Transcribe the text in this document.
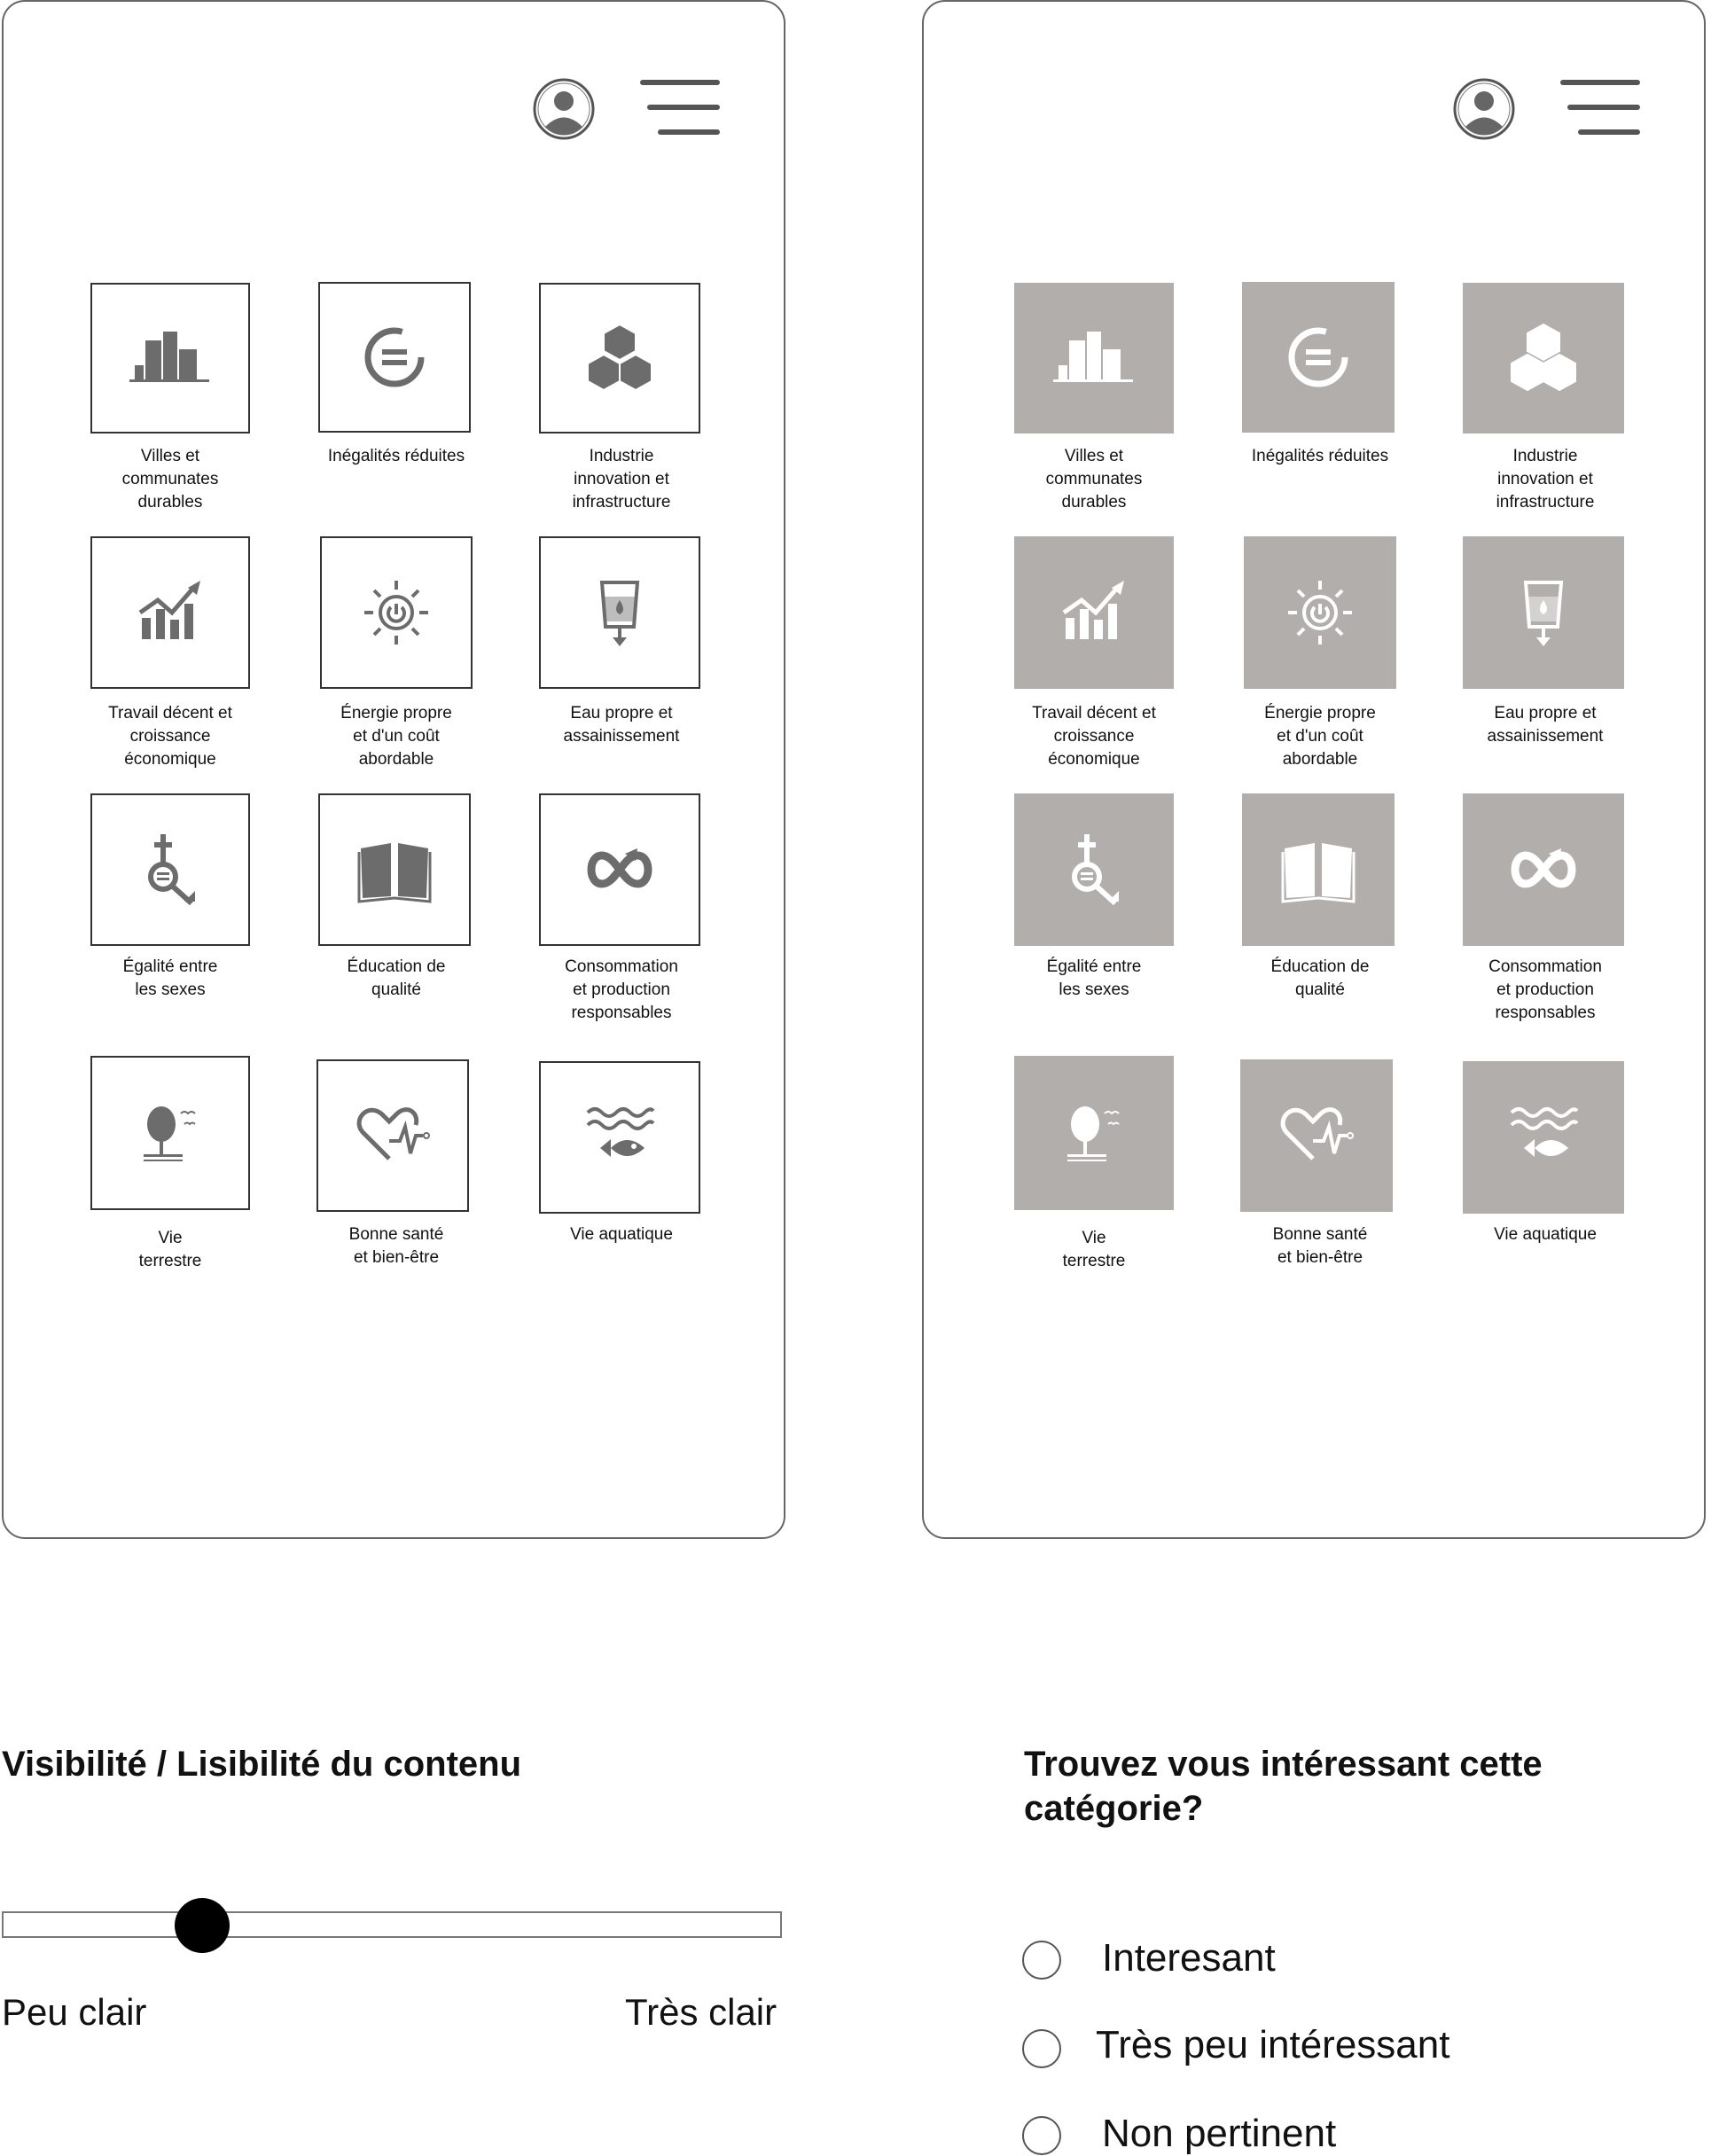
Villes et
communates
durables
Inégalités réduites	Industrie
innovation et
infrastructure
Travail décent et
croissance
économique
Énergie propre
et d'un coût
abordable
Eau propre et
assainissement
Égalité entre
les sexes
Éducation de
qualité
Consommation
et production
responsables
Vie
terrestre
Bonne santé
et bien-être
Vie aquatique
Villes et
communates
durables
Inégalités réduites	Industrie
innovation et
infrastructure
Travail décent et
croissance
économique
Énergie propre
et d'un coût
abordable
Eau propre et
assainissement
Égalité entre
les sexes
Éducation de
qualité
Consommation
et production
responsables
Vie
terrestre
Bonne santé
et bien-être
Vie aquatique
Visibilité / Lisibilité du contenu
Peu clair	Très clair
Trouvez vous intéressant cette
catégorie?
Interesant
Très peu intéressant
Non pertinent
